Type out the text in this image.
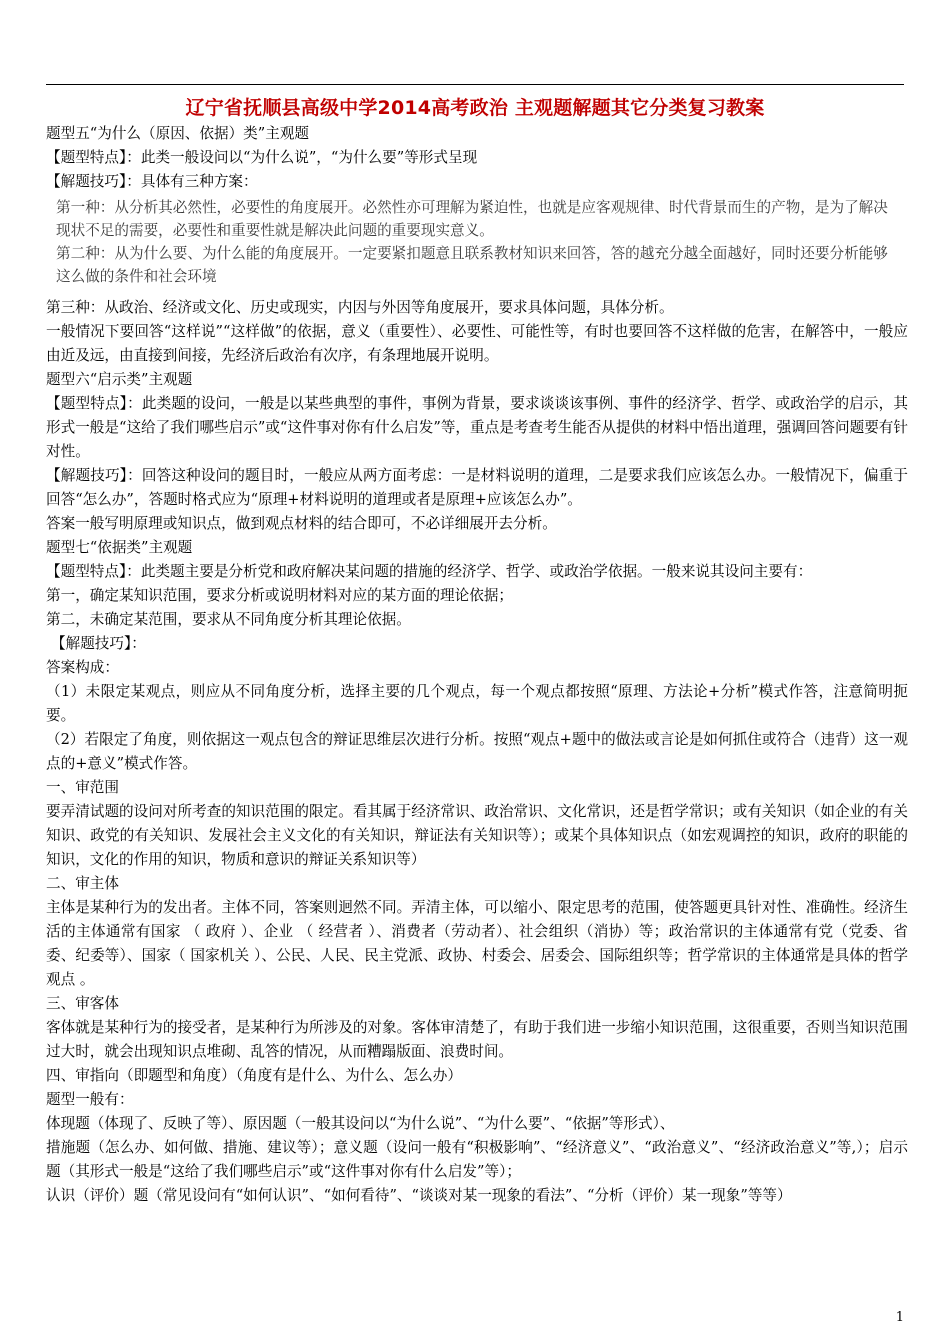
辽宁省抚顺县高级中学2014高考政治 主观题解题其它分类复习教案

题型五“为什么（原因、依据）类”主观题

【题型特点】：此类一般设问以“为什么说”，“为什么要”等形式呈现

【解题技巧】：具体有三种方案：

第一种：从分析其必然性，必要性的角度展开。必然性亦可理解为紧迫性，也就是应客观规律、时代背景而生的产物，是为了解决现状不足的需要，必要性和重要性就是解决此问题的重要现实意义。

第二种：从为什么要、为什么能的角度展开。一定要紧扣题意且联系教材知识来回答，答的越充分越全面越好，同时还要分析能够这么做的条件和社会环境

第三种：从政治、经济或文化、历史或现实，内因与外因等角度展开，要求具体问题，具体分析。

一般情况下要回答“这样说”“这样做”的依据，意义（重要性）、必要性、可能性等，有时也要回答不这样做的危害，在解答中，一般应由近及远，由直接到间接，先经济后政治有次序，有条理地展开说明。

题型六“启示类”主观题

【题型特点】：此类题的设问，一般是以某些典型的事件，事例为背景，要求谈谈该事例、事件的经济学、哲学、或政治学的启示，其形式一般是“这给了我们哪些启示”或“这件事对你有什么启发”等，重点是考查考生能否从提供的材料中悟出道理，强调回答问题要有针对性。

【解题技巧】：回答这种设问的题目时，一般应从两方面考虑：一是材料说明的道理，二是要求我们应该怎么办。一般情况下，偏重于回答“怎么办”，答题时格式应为“原理+材料说明的道理或者是原理+应该怎么办”。

答案一般写明原理或知识点，做到观点材料的结合即可，不必详细展开去分析。

题型七“依据类”主观题

【题型特点】：此类题主要是分析党和政府解决某问题的措施的经济学、哲学、或政治学依据。一般来说其设问主要有：

第一，确定某知识范围，要求分析或说明材料对应的某方面的理论依据；

第二，未确定某范围，要求从不同角度分析其理论依据。

【解题技巧】：

答案构成：

（1）未限定某观点，则应从不同角度分析，选择主要的几个观点，每一个观点都按照“原理、方法论+分析”模式作答，注意简明扼要。

（2）若限定了角度，则依据这一观点包含的辩证思维层次进行分析。按照“观点+题中的做法或言论是如何抓住或符合（违背）这一观点的+意义”模式作答。

一、审范围

要弄清试题的设问对所考查的知识范围的限定。看其属于经济常识、政治常识、文化常识，还是哲学常识；或有关知识（如企业的有关知识、政党的有关知识、发展社会主义文化的有关知识，辩证法有关知识等）；或某个具体知识点（如宏观调控的知识，政府的职能的知识，文化的作用的知识，物质和意识的辩证关系知识等）

二、审主体

主体是某种行为的发出者。主体不同，答案则迥然不同。弄清主体，可以缩小、限定思考的范围，使答题更具针对性、准确性。经济生活的主体通常有国家 （ 政府 ）、企业 （ 经营者 ）、消费者（劳动者）、社会组织（消协）等；政治常识的主体通常有党（党委、省委、纪委等）、国家（ 国家机关 ）、公民、人民、民主党派、政协、村委会、居委会、国际组织等；哲学常识的主体通常是具体的哲学观点 。

三、审客体

客体就是某种行为的接受者，是某种行为所涉及的对象。客体审清楚了，有助于我们进一步缩小知识范围，这很重要，否则当知识范围过大时，就会出现知识点堆砌、乱答的情况，从而糟蹋版面、浪费时间。

四、审指向（即题型和角度）（角度有是什么、为什么、怎么办）

题型一般有：

体现题（体现了、反映了等）、原因题（一般其设问以“为什么说”、“为什么要”、“依据”等形式）、

措施题（怎么办、如何做、措施、建议等）；意义题（设问一般有“积极影响”、“经济意义”、“政治意义”、“经济政治意义”等,）；启示题（其形式一般是“这给了我们哪些启示”或“这件事对你有什么启发”等）；

认识（评价）题（常见设问有“如何认识”、“如何看待”、“谈谈对某一现象的看法”、“分析（评价）某一现象”等等）

1
